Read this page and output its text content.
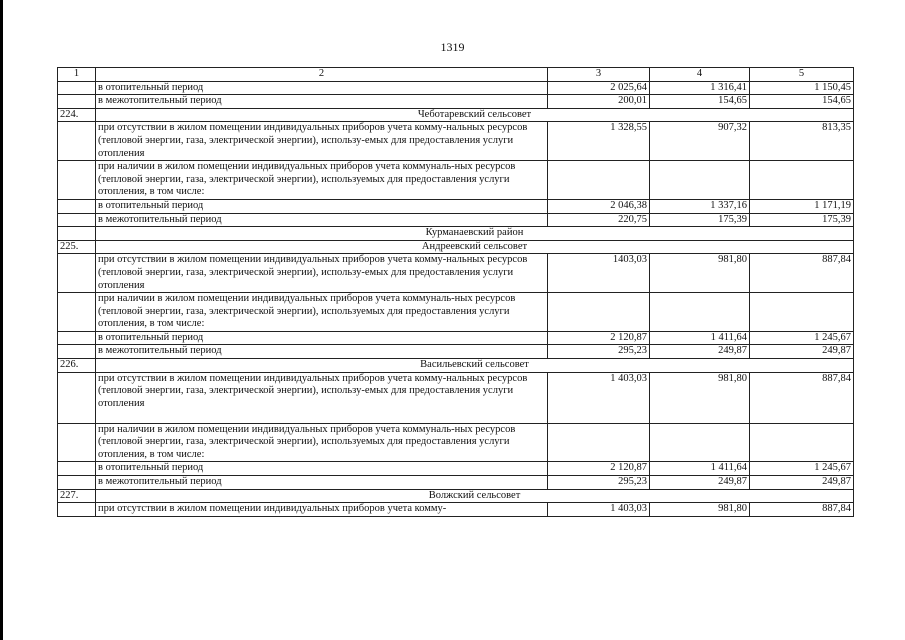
1319
1	2	3	4	5
	в отопительный период	2 025,64	1 316,41	1 150,45
	в межотопительный период	200,01	154,65	154,65
224.	Чеботаревский сельсовет			
	при отсутствии в жилом помещении индивидуальных приборов учета комму-нальных ресурсов (тепловой энергии, газа, электрической энергии), использу-емых для предоставления услуги отопления	1 328,55	907,32	813,35
	при наличии в жилом помещении индивидуальных приборов учета коммуналь-ных ресурсов (тепловой энергии, газа, электрической энергии), используемых для предоставления услуги отопления, в том числе:			
	в отопительный период	2 046,38	1 337,16	1 171,19
	в межотопительный период	220,75	175,39	175,39
	Курманаевский район			
225.	Андреевский сельсовет			
	при отсутствии в жилом помещении индивидуальных приборов учета комму-нальных ресурсов (тепловой энергии, газа, электрической энергии), использу-емых для предоставления услуги отопления	1403,03	981,80	887,84
	при наличии в жилом помещении индивидуальных приборов учета коммуналь-ных ресурсов (тепловой энергии, газа, электрической энергии), используемых для предоставления услуги отопления, в том числе:			
	в отопительный период	2 120,87	1 411,64	1 245,67
	в межотопительный период	295,23	249,87	249,87
226.	Васильевский сельсовет			
	при отсутствии в жилом помещении индивидуальных приборов учета комму-нальных ресурсов (тепловой энергии, газа, электрической энергии), использу-емых для предоставления услуги отопления	1 403,03	981,80	887,84
	при наличии в жилом помещении индивидуальных приборов учета коммуналь-ных ресурсов (тепловой энергии, газа, электрической энергии), используемых для предоставления услуги отопления, в том числе:			
	в отопительный период	2 120,87	1 411,64	1 245,67
	в межотопительный период	295,23	249,87	249,87
227.	Волжский сельсовет			
	при отсутствии в жилом помещении индивидуальных приборов учета комму-	1 403,03	981,80	887,84
